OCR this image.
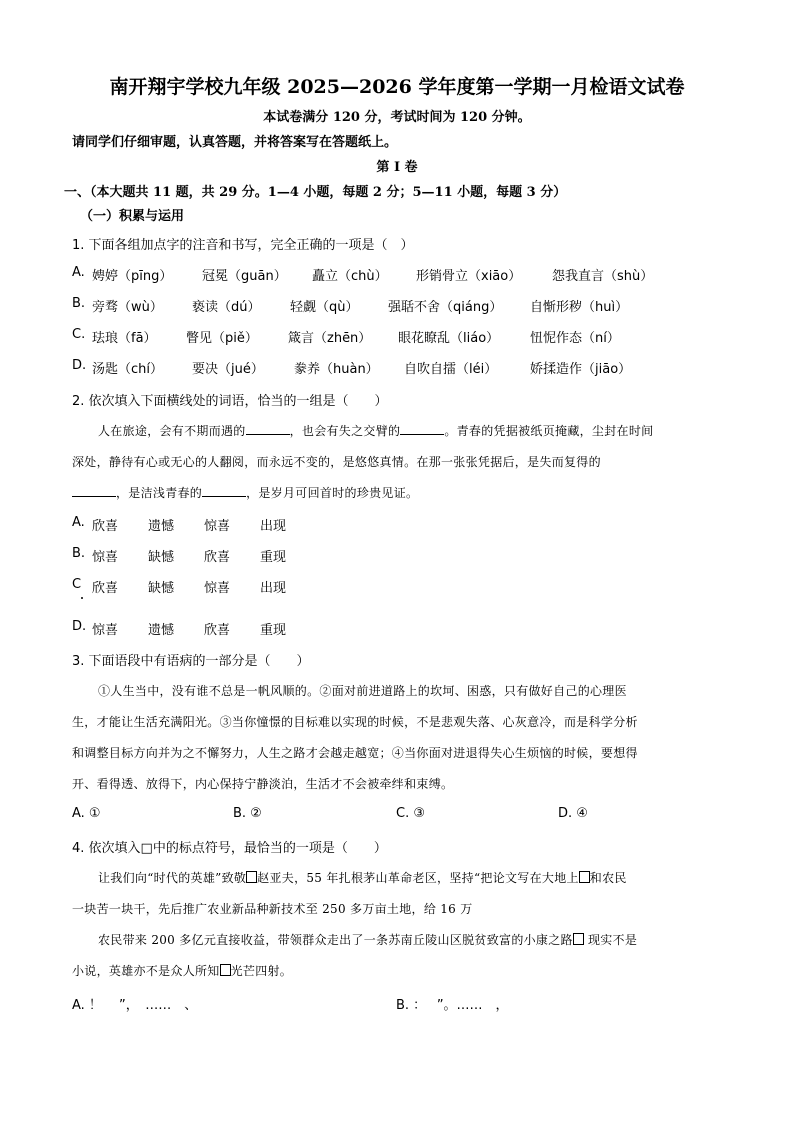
南开翔宇学校九年级 2025—2026 学年度第一学期一月检语文试卷
本试卷满分 120 分，考试时间为 120 分钟。
请同学们仔细审题，认真答题，并将答案写在答题纸上。
第 I 卷
一、（本大题共 11 题，共 29 分。1—4 小题，每题 2 分；5—11 小题，每题 3 分）
（一）积累与运用
1. 下面各组加点字的注音和书写，完全正确的一项是（　）
A. 娉婷（pīng） 冠冕（guān） 矗立（chù） 形销骨立（xiāo） 怨我直言（shù）
B. 旁骛（wù） 亵读（dú） 轻觑（qù） 强聒不舍（qiáng） 自惭形秽（huì）
C. 珐琅（fā） 瞥见（piě） 箴言（zhēn） 眼花瞭乱（liáo） 忸怩作态（ní）
D. 汤匙（chí） 要决（jué） 豢养（huàn） 自吹自擂（léi）	娇揉造作（jiāo）
2. 依次填入下面横线处的词语，恰当的一组是（　　）
人在旅途，会有不期而遇的	，也会有失之交臂的	。青春的凭据被纸页掩藏，尘封在时间
深处，静待有心或无心的人翻阅，而永远不变的，是悠悠真情。在那一张张凭据后，是失而复得的
，是洁浅青春的	，是岁月可回首时的珍贵见证。
A. 欣喜 遗憾 惊喜 出现
B. 惊喜 缺憾 欣喜 重现
C 欣喜 缺憾 惊喜 出现
D. 惊喜 遗憾 欣喜 重现
3. 下面语段中有语病的一部分是（　　）
①人生当中，没有谁不总是一帆风顺的。②面对前进道路上的坎坷、困惑，只有做好自己的心理医
生，才能让生活充满阳光。③当你憧憬的目标难以实现的时候，不是悲观失落、心灰意冷，而是科学分析
和调整目标方向并为之不懈努力，人生之路才会越走越宽；④当你面对进退得失心生烦恼的时候，要想得
开、看得透、放得下，内心保持宁静淡泊，生活才不会被牵绊和束缚。
A. ①	B. ②	C. ③	D. ④
4. 依次填入□中的标点符号，最恰当的一项是（　　）
让我们向“时代的英雄”致敬 赵亚夫，55 年扎根茅山革命老区，坚持“把论文写在大地上 和农民
一块苦一块干，先后推广农业新品种新技术至 250 多万亩土地，给 16 万
农民带来 200 多亿元直接收益，带领群众走出了一条苏南丘陵山区脱贫致富的小康之路 现实不是
小说，英雄亦不是众人所知 光芒四射。
A. ！　 ”，　……　、	B. ：　 ”。……　，
